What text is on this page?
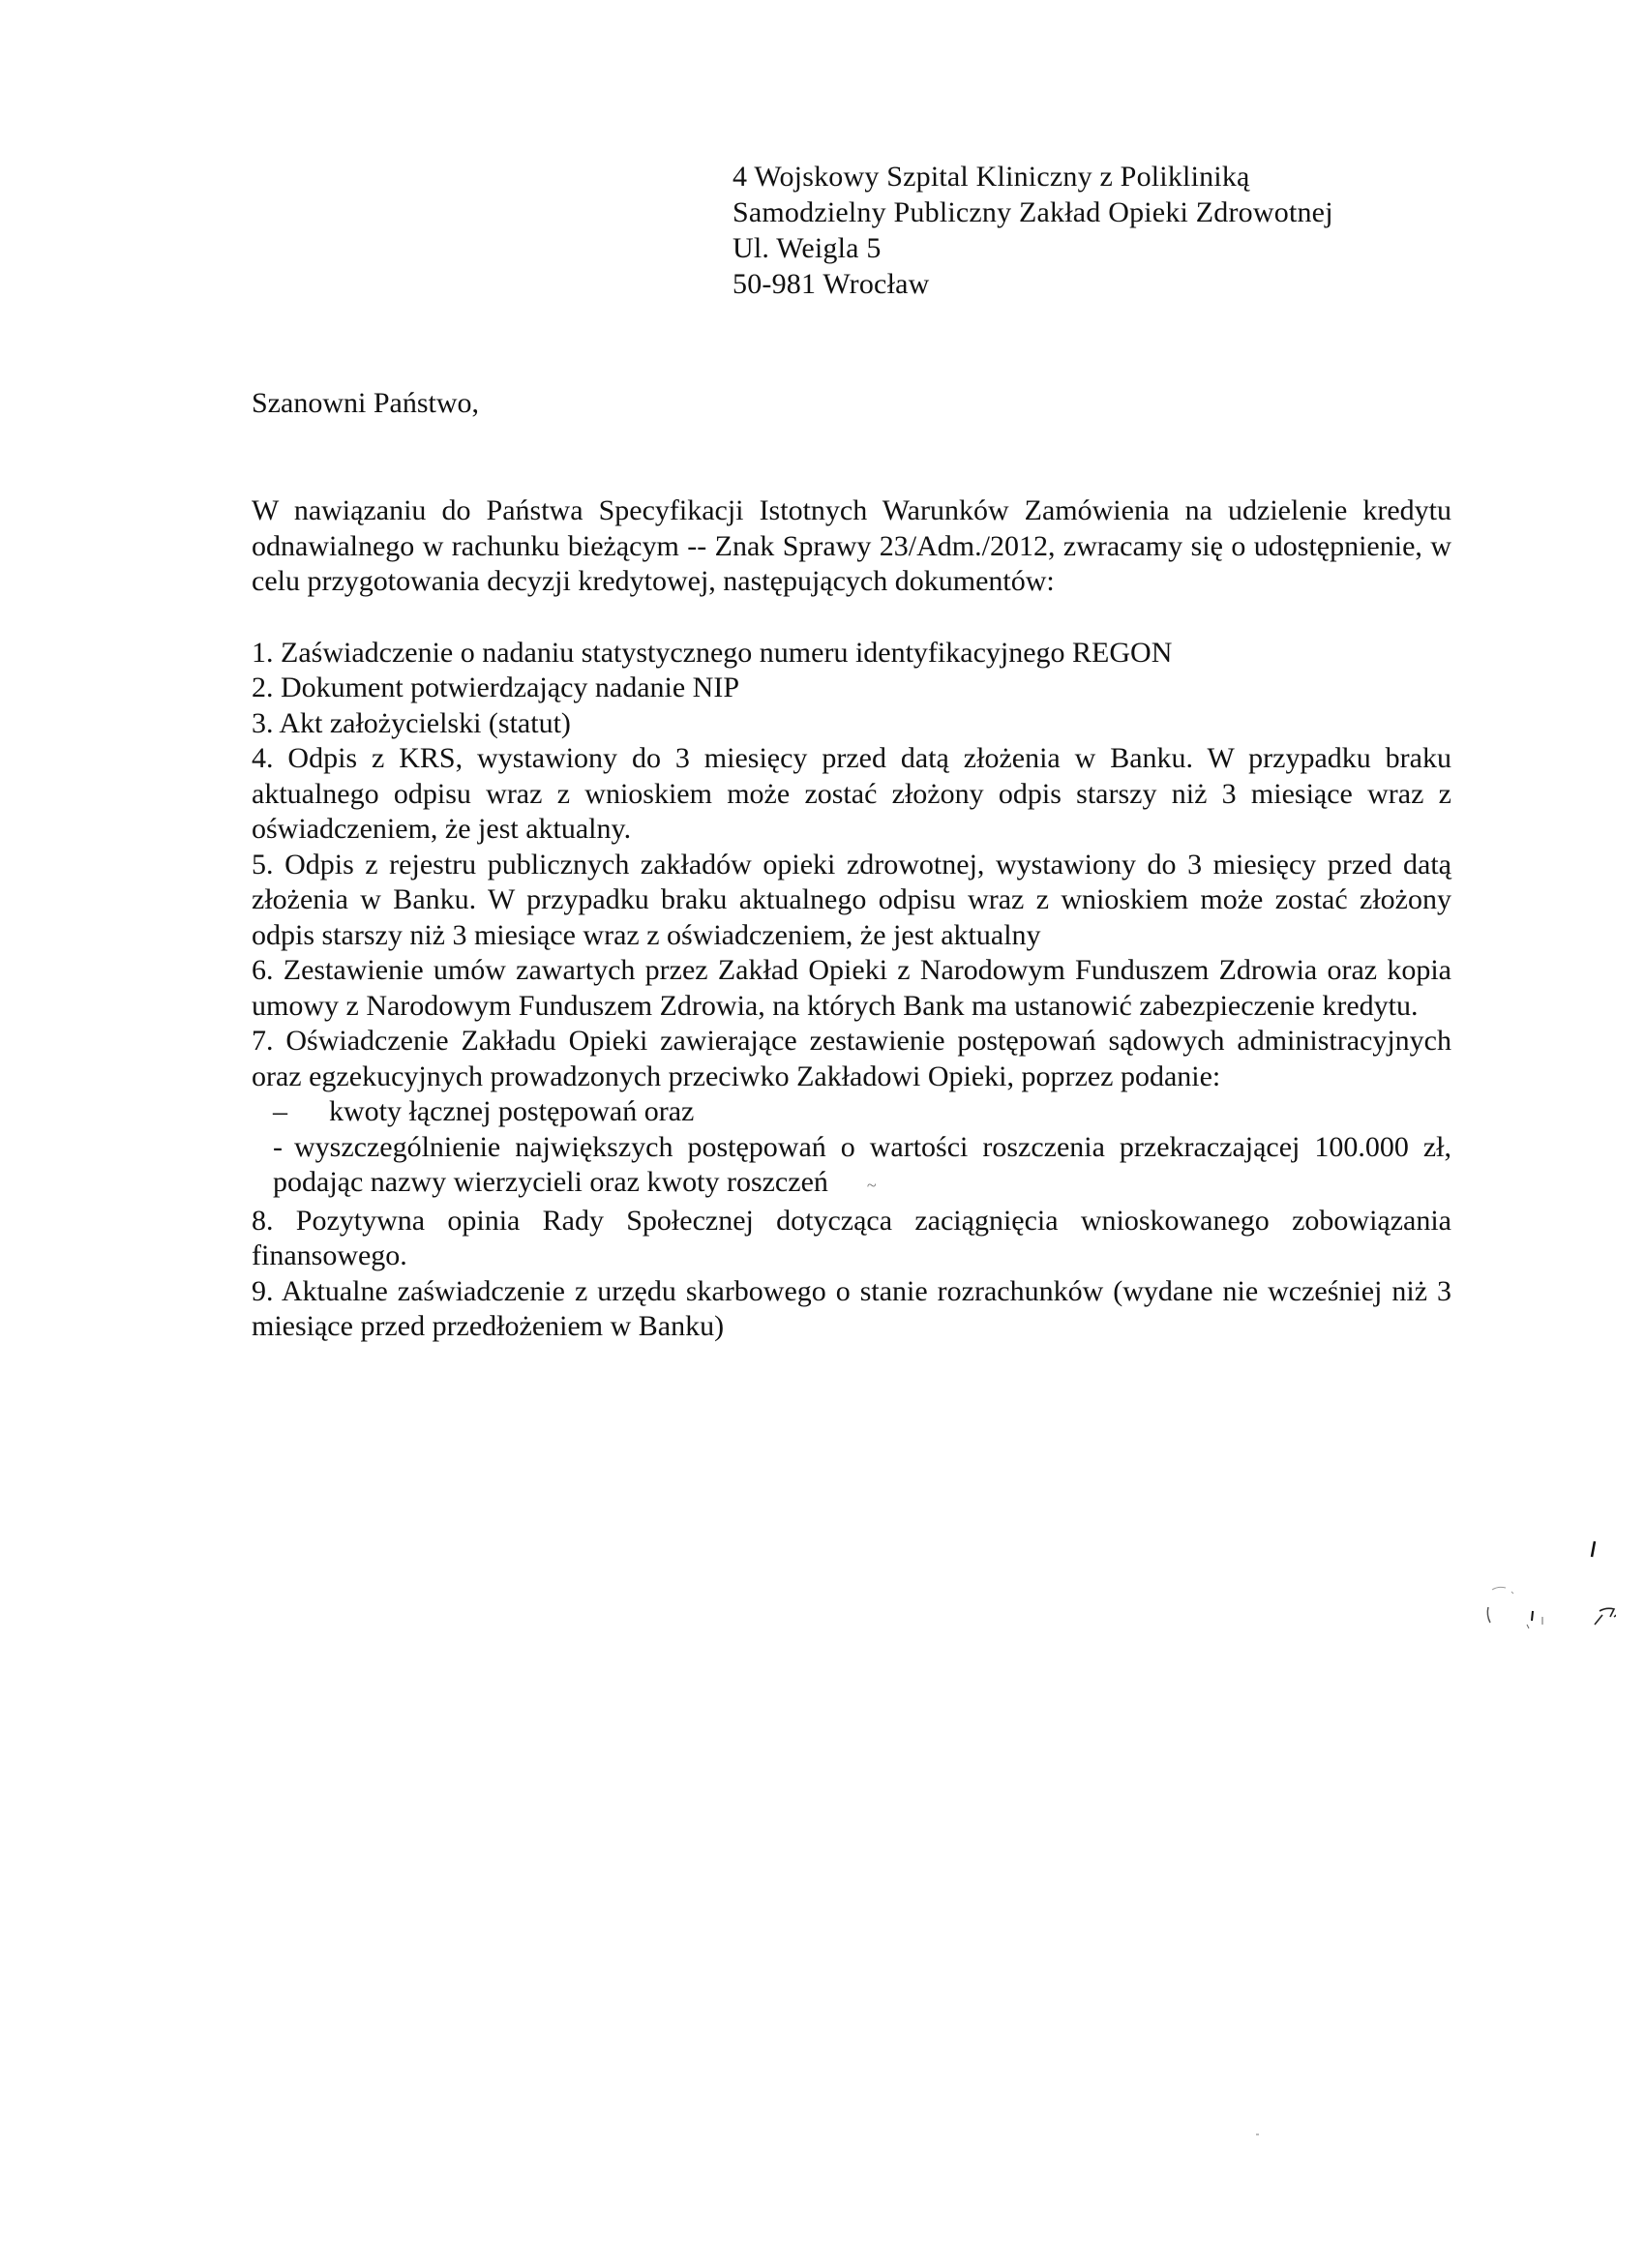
4 Wojskowy Szpital Kliniczny z Polikliniką
Samodzielny Publiczny Zakład Opieki Zdrowotnej
Ul. Weigla 5
50-981 Wrocław
Szanowni Państwo,

W nawiązaniu do Państwa Specyfikacji Istotnych Warunków Zamówienia na udzielenie kredytu odnawialnego w rachunku bieżącym -- Znak Sprawy 23/Adm./2012, zwracamy się o udostępnienie, w celu przygotowania decyzji kredytowej, następujących dokumentów:

1. Zaświadczenie o nadaniu statystycznego numeru identyfikacyjnego REGON

2. Dokument potwierdzający nadanie NIP

3. Akt założycielski (statut)

4. Odpis z KRS, wystawiony do 3 miesięcy przed datą złożenia w Banku. W przypadku braku aktualnego odpisu wraz z wnioskiem może zostać złożony odpis starszy niż 3 miesiące wraz z oświadczeniem, że jest aktualny.

5. Odpis z rejestru publicznych zakładów opieki zdrowotnej, wystawiony do 3 miesięcy przed datą złożenia w Banku. W przypadku braku aktualnego odpisu wraz z wnioskiem może zostać złożony odpis starszy niż 3 miesiące wraz z oświadczeniem, że jest aktualny

6. Zestawienie umów zawartych przez Zakład Opieki z Narodowym Funduszem Zdrowia oraz kopia umowy z Narodowym Funduszem Zdrowia, na których Bank ma ustanowić zabezpieczenie kredytu.

7. Oświadczenie Zakładu Opieki zawierające zestawienie postępowań sądowych administracyjnych oraz egzekucyjnych prowadzonych przeciwko Zakładowi Opieki, poprzez podanie:

– kwoty łącznej postępowań oraz

- wyszczególnienie największych postępowań o wartości roszczenia przekraczającej 100.000 zł, podając nazwy wierzycieli oraz kwoty roszczeń ~

8. Pozytywna opinia Rady Społecznej dotycząca zaciągnięcia wnioskowanego zobowiązania finansowego.

9. Aktualne zaświadczenie z urzędu skarbowego o stanie rozrachunków (wydane nie wcześniej niż 3 miesiące przed przedłożeniem w Banku)
